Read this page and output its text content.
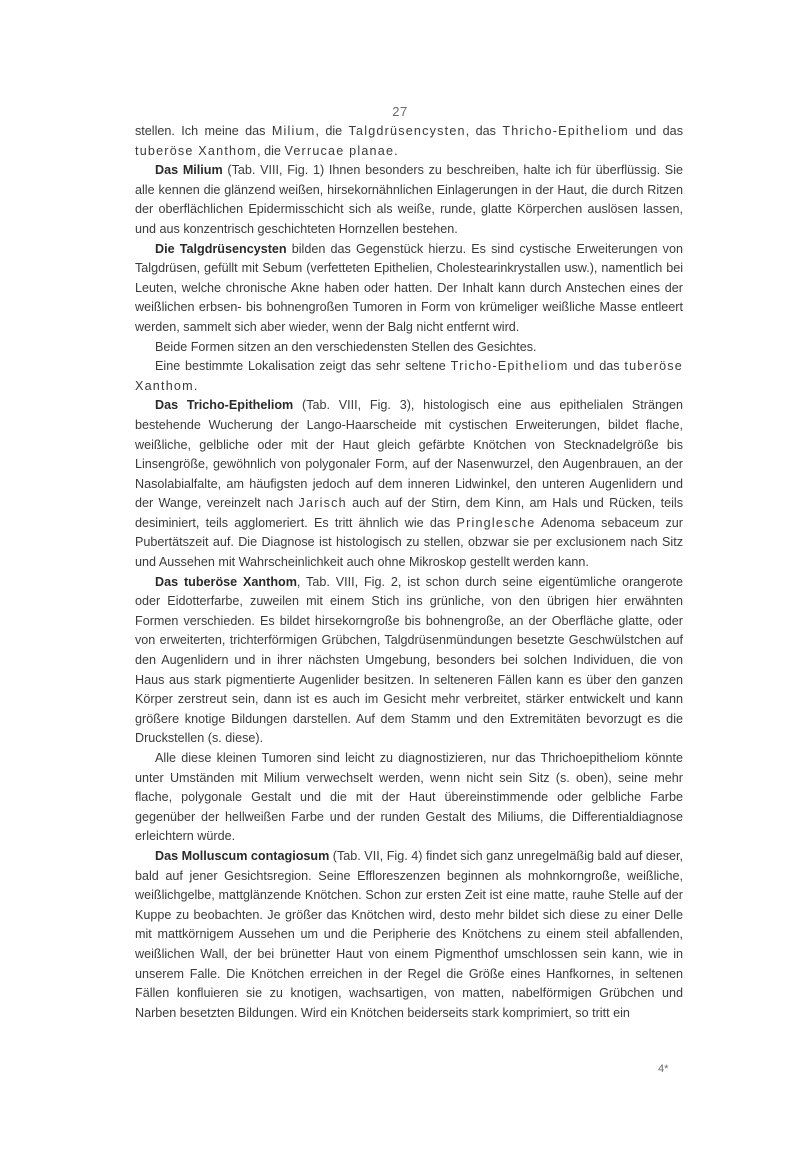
27

stellen. Ich meine das Milium, die Talgdrüsencysten, das Thricho-Epitheliom und das tuberöse Xanthom, die Verrucae planae.

Das Milium (Tab. VIII, Fig. 1) Ihnen besonders zu beschreiben, halte ich für überflüssig. Sie alle kennen die glänzend weißen, hirsekornähnlichen Einlagerungen in der Haut, die durch Ritzen der oberflächlichen Epidermisschicht sich als weiße, runde, glatte Körperchen auslösen lassen, und aus konzentrisch geschichteten Hornzellen bestehen.

Die Talgdrüsencysten bilden das Gegenstück hierzu. Es sind cystische Erweiterungen von Talgdrüsen, gefüllt mit Sebum (verfetteten Epithelien, Cholestearinkrystallen usw.), namentlich bei Leuten, welche chronische Akne haben oder hatten. Der Inhalt kann durch Anstechen eines der weißlichen erbsen- bis bohnengroßen Tumoren in Form von krümeliger weißliche Masse entleert werden, sammelt sich aber wieder, wenn der Balg nicht entfernt wird.

Beide Formen sitzen an den verschiedensten Stellen des Gesichtes.

Eine bestimmte Lokalisation zeigt das sehr seltene Tricho-Epitheliom und das tuberöse Xanthom.

Das Tricho-Epitheliom (Tab. VIII, Fig. 3), histologisch eine aus epithelialen Strängen bestehende Wucherung der Lango-Haarscheide mit cystischen Erweiterungen, bildet flache, weißliche, gelbliche oder mit der Haut gleich gefärbte Knötchen von Stecknadelgröße bis Linsengröße, gewöhnlich von polygonaler Form, auf der Nasenwurzel, den Augenbrauen, an der Nasolabialfalte, am häufigsten jedoch auf dem inneren Lidwinkel, den unteren Augenlidern und der Wange, vereinzelt nach Jarisch auch auf der Stirn, dem Kinn, am Hals und Rücken, teils desiminiert, teils agglomeriert. Es tritt ähnlich wie das Pringlesche Adenoma sebaceum zur Pubertätszeit auf. Die Diagnose ist histologisch zu stellen, obzwar sie per exclusionem nach Sitz und Aussehen mit Wahrscheinlichkeit auch ohne Mikroskop gestellt werden kann.

Das tuberöse Xanthom, Tab. VIII, Fig. 2, ist schon durch seine eigentümliche orangerote oder Eidotterfarbe, zuweilen mit einem Stich ins grünliche, von den übrigen hier erwähnten Formen verschieden. Es bildet hirsekorngroße bis bohnengroße, an der Oberfläche glatte, oder von erweiterten, trichterförmigen Grübchen, Talgdrüsenmündungen besetzte Geschwülstchen auf den Augenlidern und in ihrer nächsten Umgebung, besonders bei solchen Individuen, die von Haus aus stark pigmentierte Augenlider besitzen. In selteneren Fällen kann es über den ganzen Körper zerstreut sein, dann ist es auch im Gesicht mehr verbreitet, stärker entwickelt und kann größere knotige Bildungen darstellen. Auf dem Stamm und den Extremitäten bevorzugt es die Druckstellen (s. diese).

Alle diese kleinen Tumoren sind leicht zu diagnostizieren, nur das Thrichoepitheliom könnte unter Umständen mit Milium verwechselt werden, wenn nicht sein Sitz (s. oben), seine mehr flache, polygonale Gestalt und die mit der Haut übereinstimmende oder gelbliche Farbe gegenüber der hellweißen Farbe und der runden Gestalt des Miliums, die Differentialdiagnose erleichtern würde.

Das Molluscum contagiosum (Tab. VII, Fig. 4) findet sich ganz unregelmäßig bald auf dieser, bald auf jener Gesichtsregion. Seine Effloreszenzen beginnen als mohnkorngroße, weißliche, weißlichgelbe, mattglänzende Knötchen. Schon zur ersten Zeit ist eine matte, rauhe Stelle auf der Kuppe zu beobachten. Je größer das Knötchen wird, desto mehr bildet sich diese zu einer Delle mit mattkörnigem Aussehen um und die Peripherie des Knötchens zu einem steil abfallenden, weißlichen Wall, der bei brünetter Haut von einem Pigmenthof umschlossen sein kann, wie in unserem Falle. Die Knötchen erreichen in der Regel die Größe eines Hanfkornes, in seltenen Fällen konfluieren sie zu knotigen, wachsartigen, von matten, nabelförmigen Grübchen und Narben besetzten Bildungen. Wird ein Knötchen beiderseits stark komprimiert, so tritt ein

4*
